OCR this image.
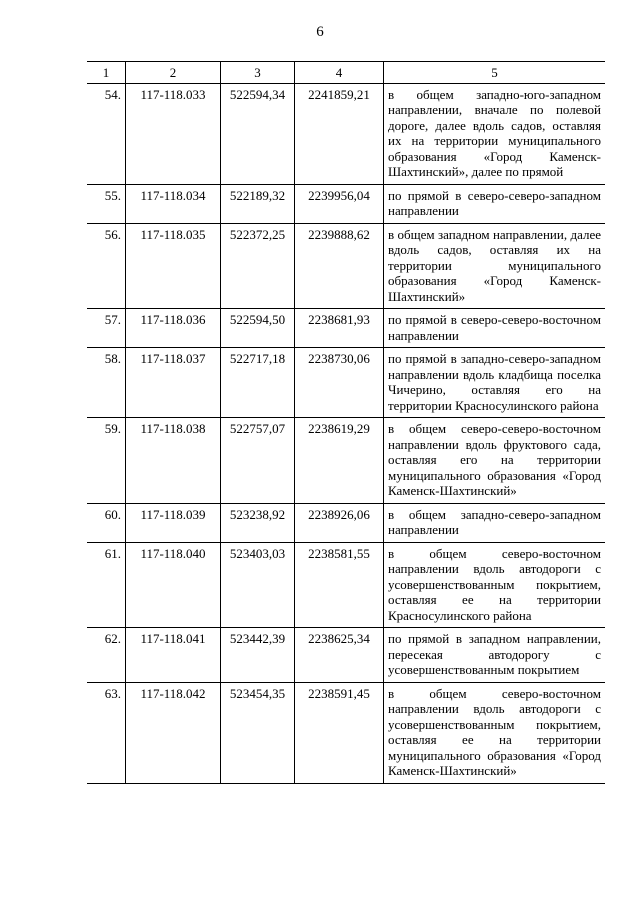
6
1	2	3	4	5
54.	117-118.033	522594,34	2241859,21	в общем западно-юго-западном направлении, вначале по полевой дороге, далее вдоль садов, оставляя их на территории муниципального образования «Город Каменск-Шахтинский», далее по прямой
55.	117-118.034	522189,32	2239956,04	по прямой в северо-северо-западном направлении
56.	117-118.035	522372,25	2239888,62	в общем западном направлении, далее вдоль садов, оставляя их на территории муниципального образования «Город Каменск-Шахтинский»
57.	117-118.036	522594,50	2238681,93	по прямой в северо-северо-восточном направлении
58.	117-118.037	522717,18	2238730,06	по прямой в западно-северо-западном направлении вдоль кладбища поселка Чичерино, оставляя его на территории Красносулинского района
59.	117-118.038	522757,07	2238619,29	в общем северо-северо-восточном направлении вдоль фруктового сада, оставляя его на территории муниципального образования «Город Каменск-Шахтинский»
60.	117-118.039	523238,92	2238926,06	в общем западно-северо-западном направлении
61.	117-118.040	523403,03	2238581,55	в общем северо-восточном направлении вдоль автодороги с усовершенствованным покрытием, оставляя ее на территории Красносулинского района
62.	117-118.041	523442,39	2238625,34	по прямой в западном направлении, пересекая автодорогу с усовершенствованным покрытием
63.	117-118.042	523454,35	2238591,45	в общем северо-восточном направлении вдоль автодороги с усовершенствованным покрытием, оставляя ее на территории муниципального образования «Город Каменск-Шахтинский»
